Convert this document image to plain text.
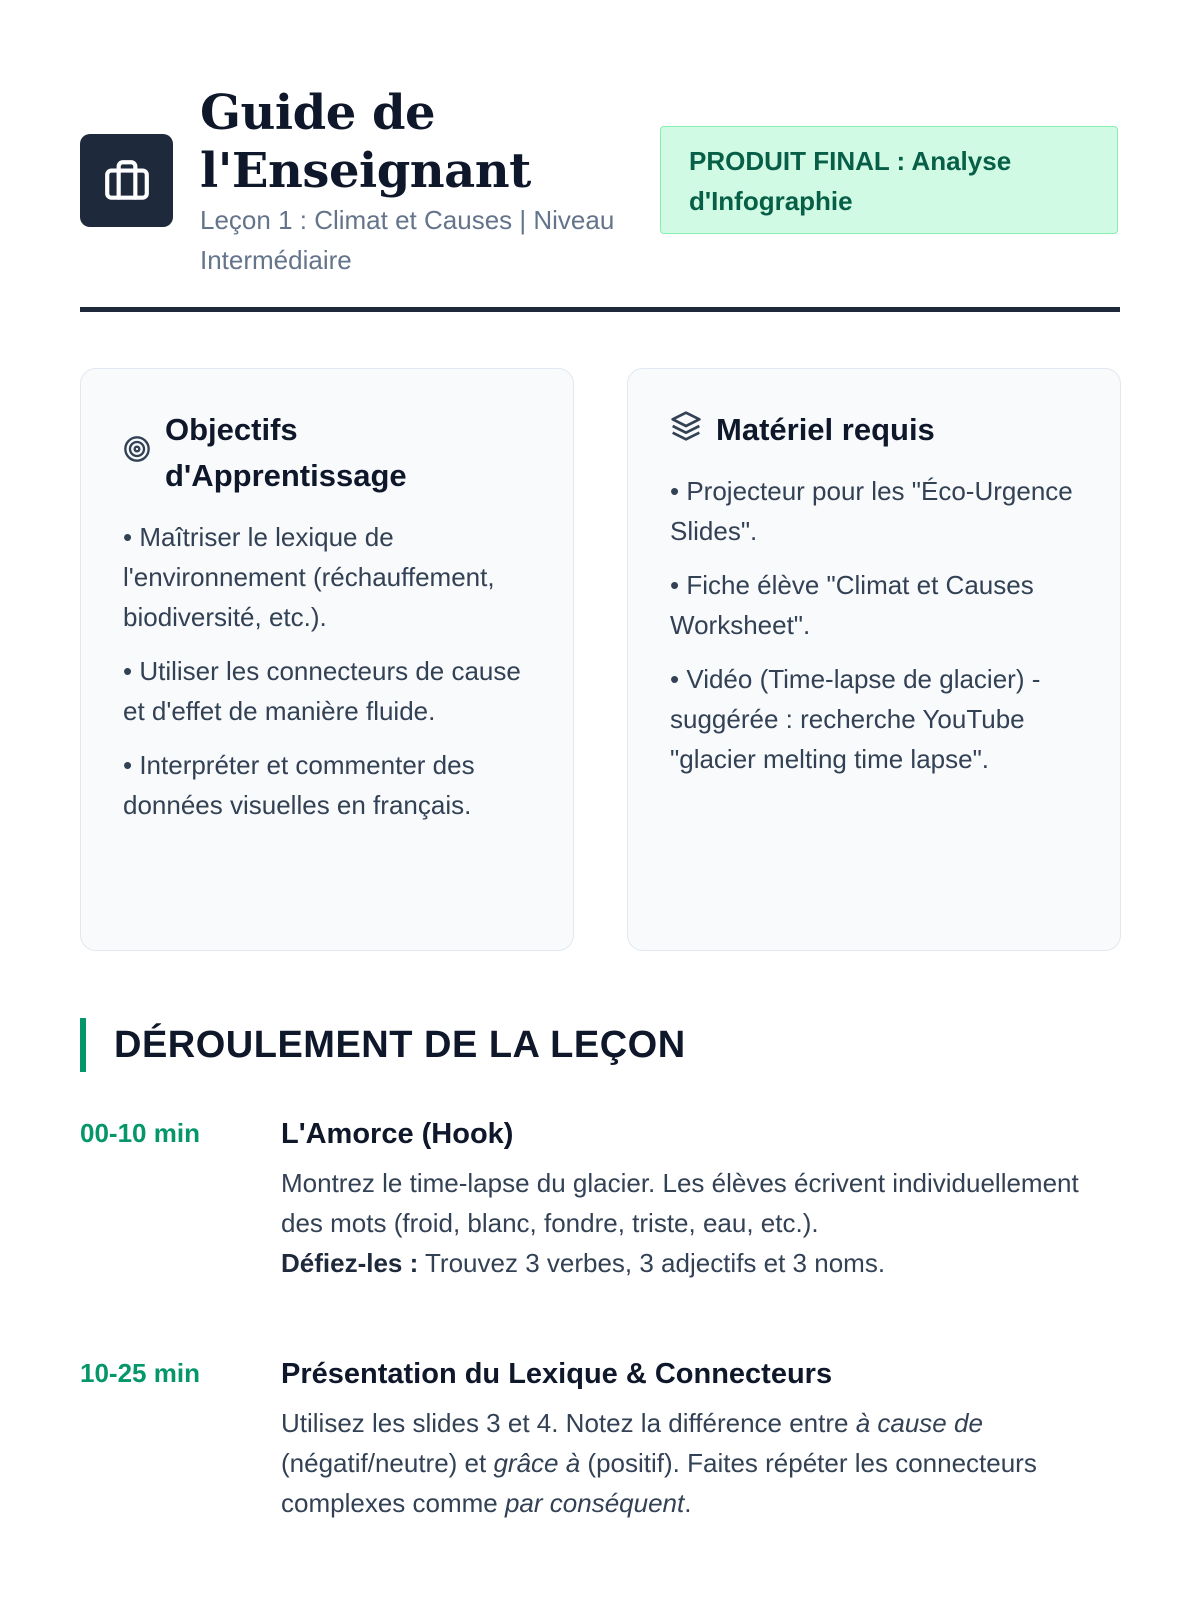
Guide de
l'Enseignant

Leçon 1 : Climat et Causes | Niveau Intermédiaire

PRODUIT FINAL : Analyse d'Infographie
Objectifs d'Apprentissage
• Maîtriser le lexique de l'environnement (réchauffement, biodiversité, etc.).
• Utiliser les connecteurs de cause et d'effet de manière fluide.
• Interpréter et commenter des données visuelles en français.
Matériel requis
• Projecteur pour les "Éco-Urgence Slides".
• Fiche élève "Climat et Causes Worksheet".
• Vidéo (Time-lapse de glacier) - suggérée : recherche YouTube "glacier melting time lapse".
DÉROULEMENT DE LA LEÇON
00-10 min	L'Amorce (Hook)

Montrez le time-lapse du glacier. Les élèves écrivent individuellement des mots (froid, blanc, fondre, triste, eau, etc.).
Défiez-les : Trouvez 3 verbes, 3 adjectifs et 3 noms.

10-25 min	Présentation du Lexique & Connecteurs

Utilisez les slides 3 et 4. Notez la différence entre à cause de (négatif/neutre) et grâce à (positif). Faites répéter les connecteurs complexes comme par conséquent.
